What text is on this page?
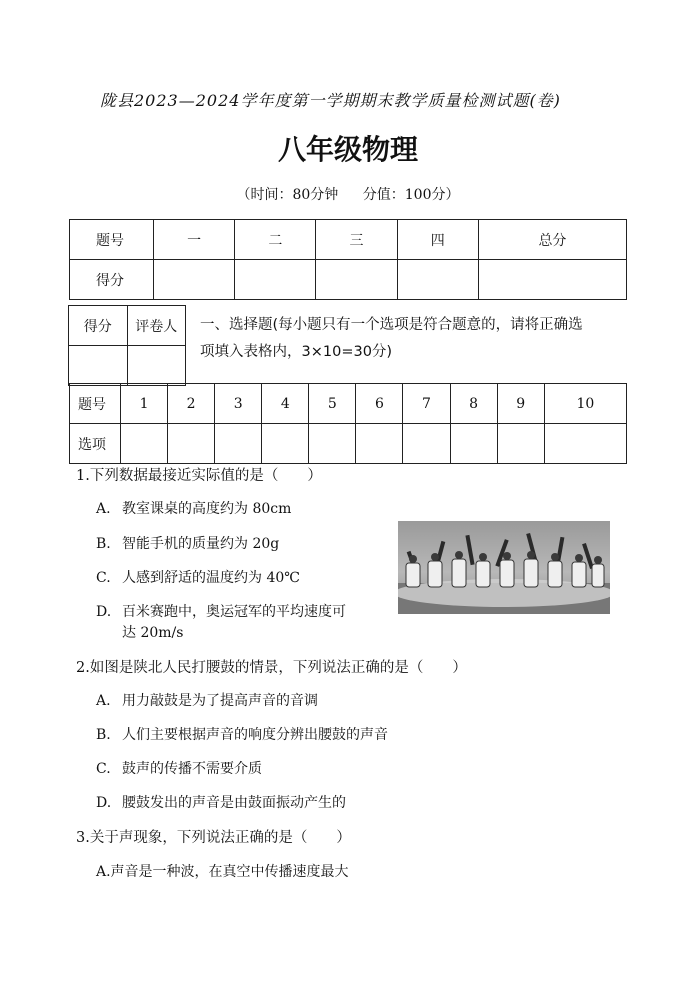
陇县2023—2024学年度第一学期期末教学质量检测试题(卷)
八年级物理
（时间：80分钟 分值：100分）
题号	一	二	三	四	总分
得分					
得分	评卷人
	一、选择题(每小题只有一个选项是符合题意的，请将正确选
项填入表格内，3×10=30分)
题号	1	2	3	4	5	6	7	8	9	10
选项										
1.下列数据最接近实际值的是（　　）
A. 教室课桌的高度约为 80cm
B. 智能手机的质量约为 20g
C. 人感到舒适的温度约为 40℃
D. 百米赛跑中，奥运冠军的平均速度可
达 20m/s
2.如图是陕北人民打腰鼓的情景，下列说法正确的是（　　）
A. 用力敲鼓是为了提高声音的音调
B. 人们主要根据声音的响度分辨出腰鼓的声音
C. 鼓声的传播不需要介质
D. 腰鼓发出的声音是由鼓面振动产生的
3.关于声现象，下列说法正确的是（　　）
A.声音是一种波，在真空中传播速度最大
